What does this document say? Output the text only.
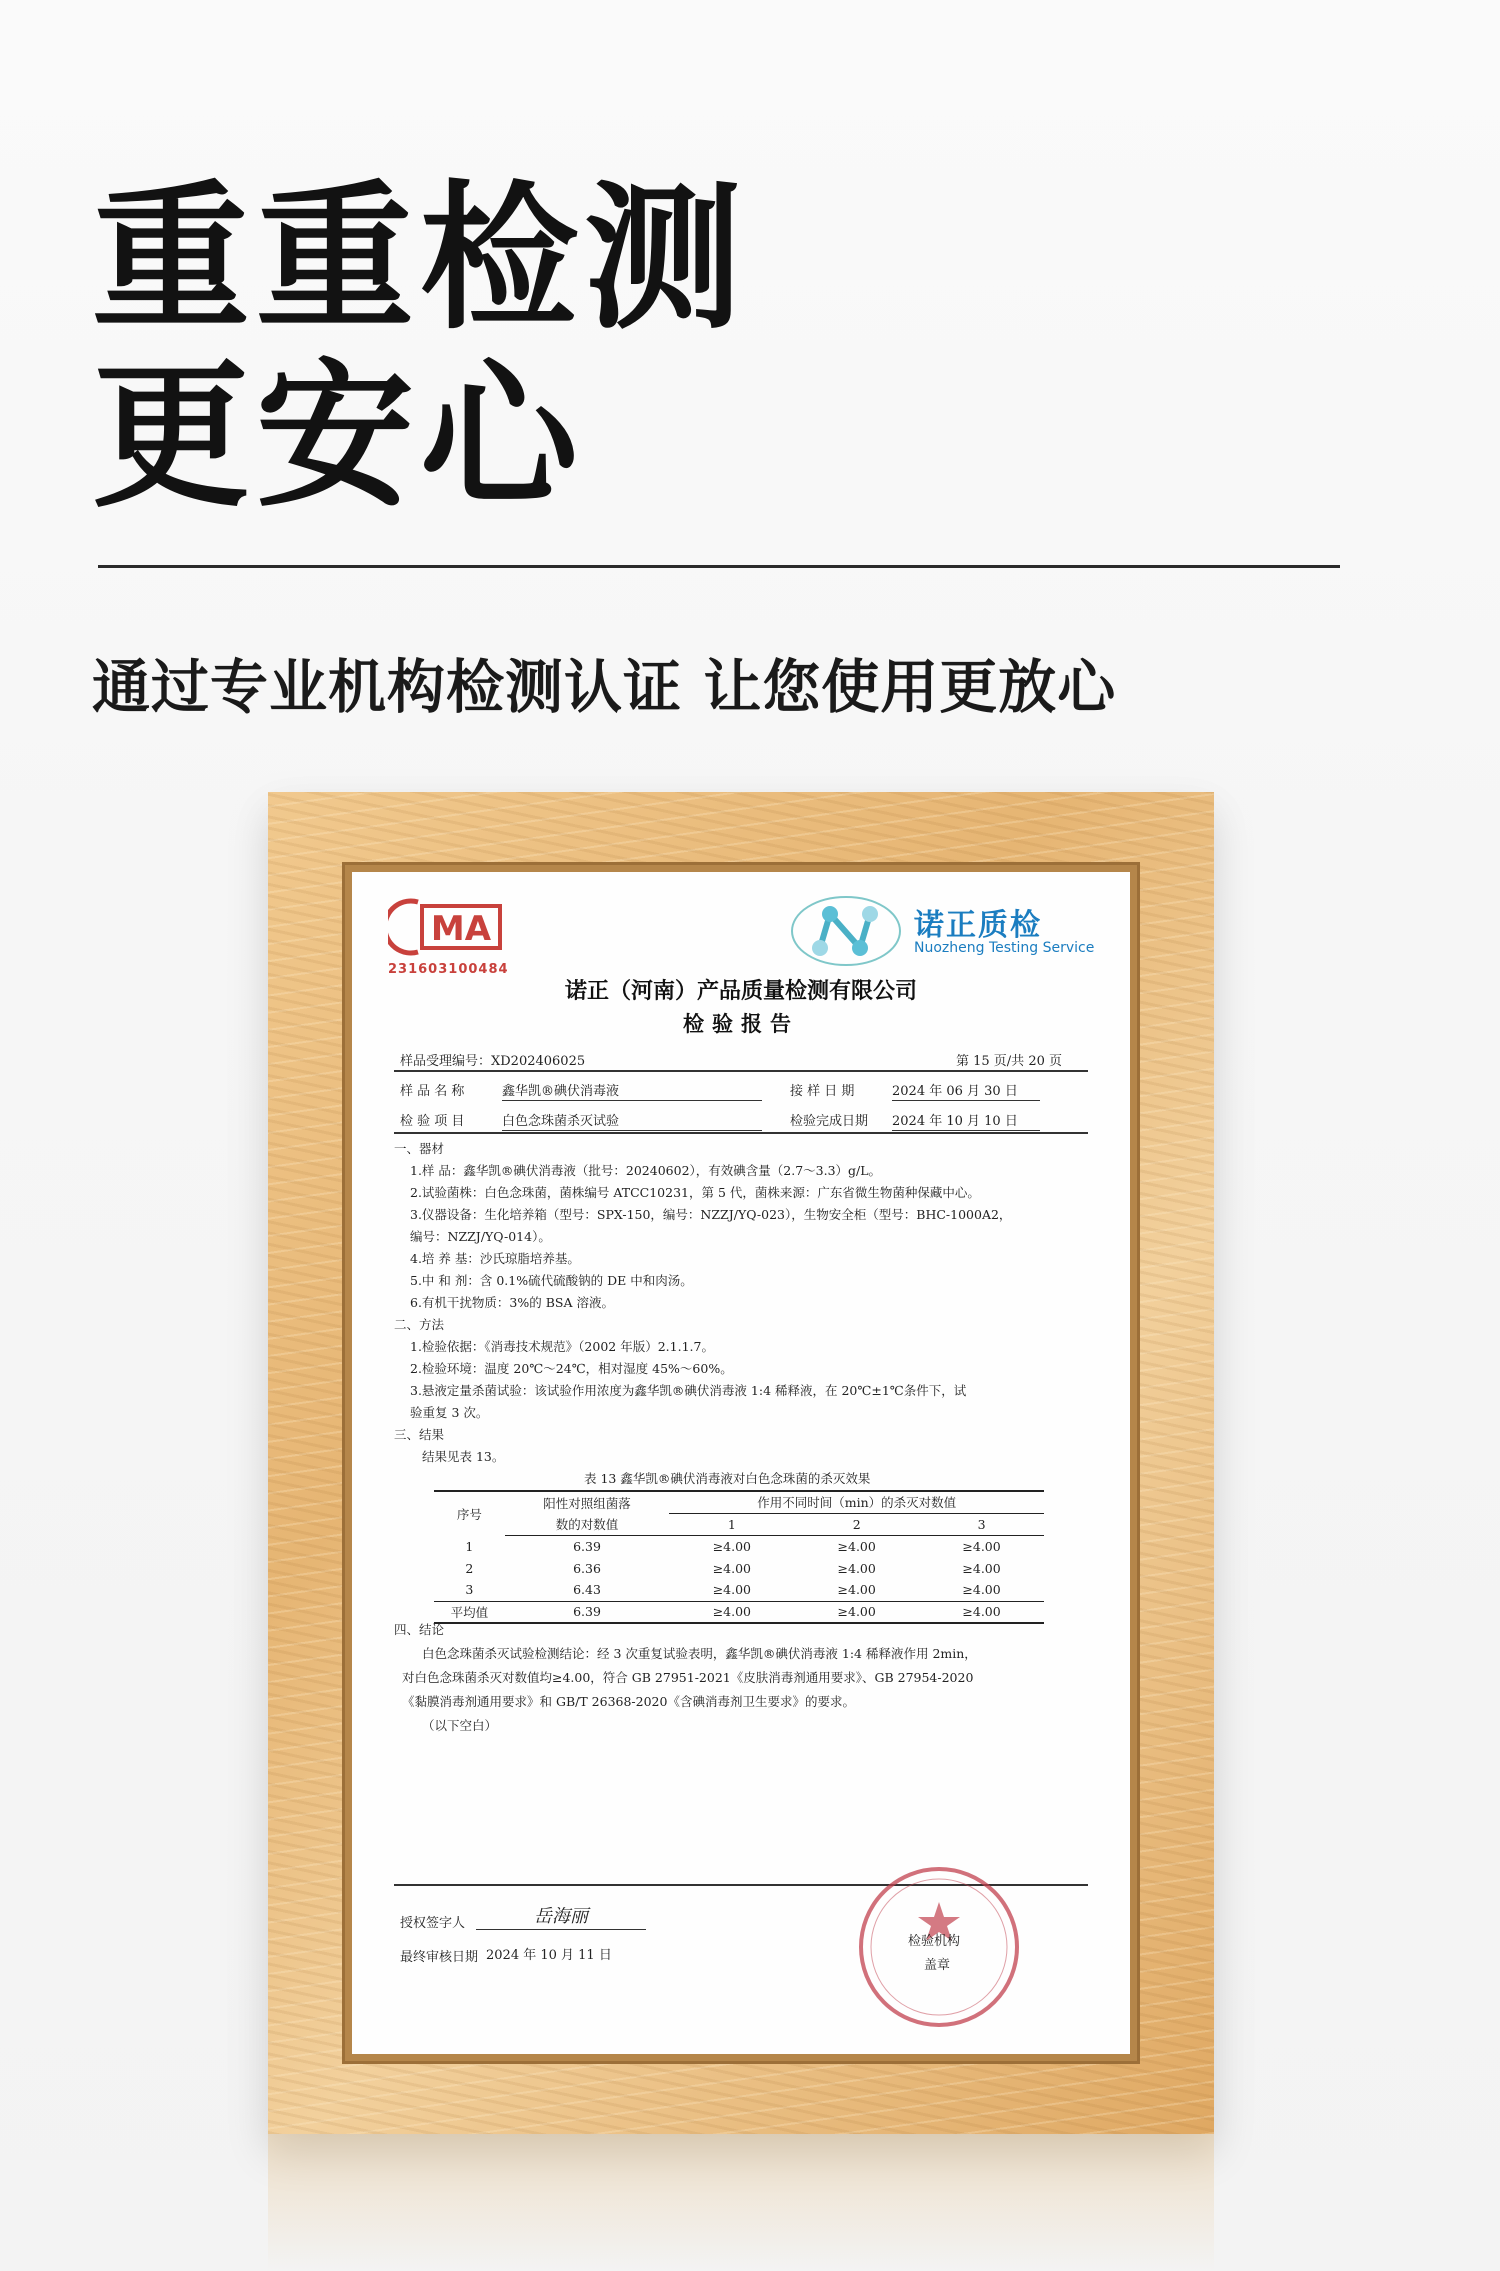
重重检测
更安心
通过专业机构检测认证 让您使用更放心
MA
231603100484
诺正质检
Nuozheng Testing Service
诺正（河南）产品质量检测有限公司
检验报告
样品受理编号：XD202406025	第 15 页/共 20 页
样 品 名 称	鑫华凯®碘伏消毒液	接 样 日 期	2024 年 06 月 30 日
检 验 项 目	白色念珠菌杀灭试验	检验完成日期 2024 年 10 月 10 日
一、器材
1.样 品：鑫华凯®碘伏消毒液（批号：20240602），有效碘含量（2.7～3.3）g/L。
2.试验菌株：白色念珠菌，菌株编号 ATCC10231，第 5 代，菌株来源：广东省微生物菌种保藏中心。
3.仪器设备：生化培养箱（型号：SPX-150，编号：NZZJ/YQ-023），生物安全柜（型号：BHC-1000A2，
编号：NZZJ/YQ-014）。
4.培 养 基：沙氏琼脂培养基。
5.中 和 剂：含 0.1%硫代硫酸钠的 DE 中和肉汤。
6.有机干扰物质：3%的 BSA 溶液。
二、方法
1.检验依据：《消毒技术规范》（2002 年版）2.1.1.7。
2.检验环境：温度 20℃～24℃，相对湿度 45%～60%。
3.悬液定量杀菌试验：该试验作用浓度为鑫华凯®碘伏消毒液 1:4 稀释液，在 20℃±1℃条件下，试
验重复 3 次。
三、结果
结果见表 13。
表 13 鑫华凯®碘伏消毒液对白色念珠菌的杀灭效果
序号	阳性对照组菌落	作用不同时间（min）的杀灭对数值		
	数的对数值	1	2	3
1	6.39	≥4.00	≥4.00	≥4.00
2	6.36	≥4.00	≥4.00	≥4.00
3	6.43	≥4.00	≥4.00	≥4.00
平均值	6.39	≥4.00	≥4.00	≥4.00
四、结论
白色念珠菌杀灭试验检测结论：经 3 次重复试验表明，鑫华凯®碘伏消毒液 1:4 稀释液作用 2min，
对白色念珠菌杀灭对数值均≥4.00，符合 GB 27951-2021《皮肤消毒剂通用要求》、GB 27954-2020
《黏膜消毒剂通用要求》和 GB/T 26368-2020《含碘消毒剂卫生要求》的要求。
（以下空白）
授权签字人	岳海丽
最终审核日期 2024 年 10 月 11 日
检验机构
盖章
